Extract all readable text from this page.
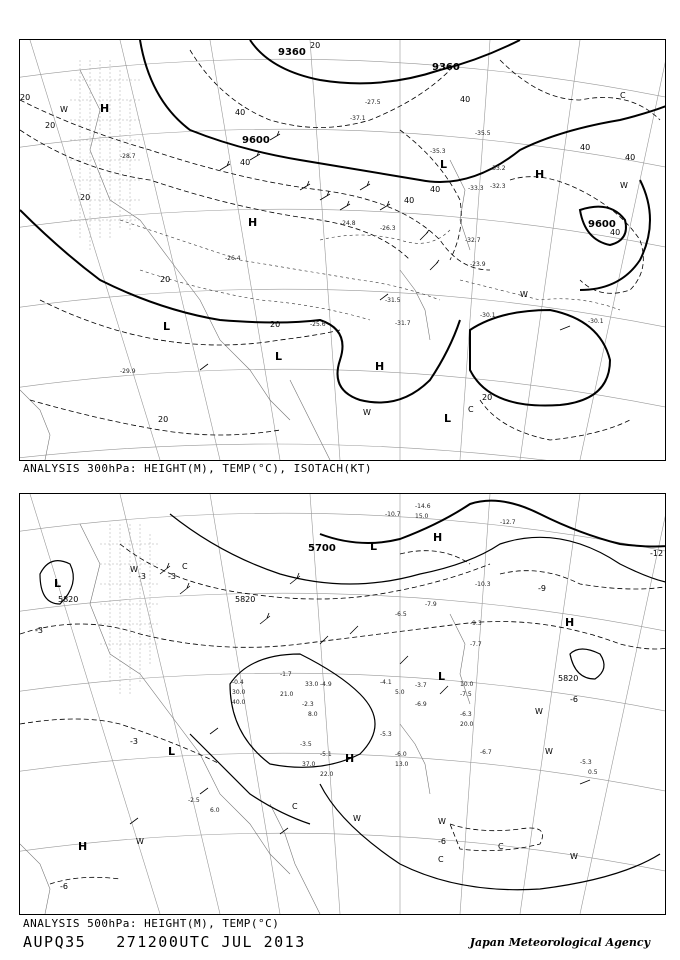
9360
9360
9600
9600
20
20
20
20
20
20
20
20
40
40
40
40
40
40
40
40
H
H
H
H
L
L
L
L
C
C
W
W
W
W
-33.3
-35.5
-35.3
-32.3
-37.1
-24.8
-26.3
-23.9
-31.5
-31.7
-30.1
-30.1
-25.6
-29.9
-27.5
-32.7
-33.2
-26.4
-28.7
ANALYSIS 300hPa: HEIGHT(M), TEMP(°C), ISOTACH(KT)
5700
5820	5820
5820
-3
-3
-3
-3
-6
-6
-6
-9
-12
H
H
H
H
L
L
L
L
C
C
C
C
W
W	W
W
W
W
W
-10.7
-14.6
15.0
-12.7
-10.3
-7.9
-6.5
-9.3
-7.7
-7.5
-6.3
-6.9
-4.1	-3.7
-5.3
-6.0	-6.7
-5.3
-2.5
-1.7
-4.9
-2.3
-5.1
-3.5
-0.4
0.5
5.0
6.0
8.0
10.0
13.0
20.0
21.0
22.0
30.0
33.0
37.0
40.0
ANALYSIS 500hPa: HEIGHT(M), TEMP(°C)
AUPQ35 271200UTC JUL 2013	Japan Meteorological Agency
